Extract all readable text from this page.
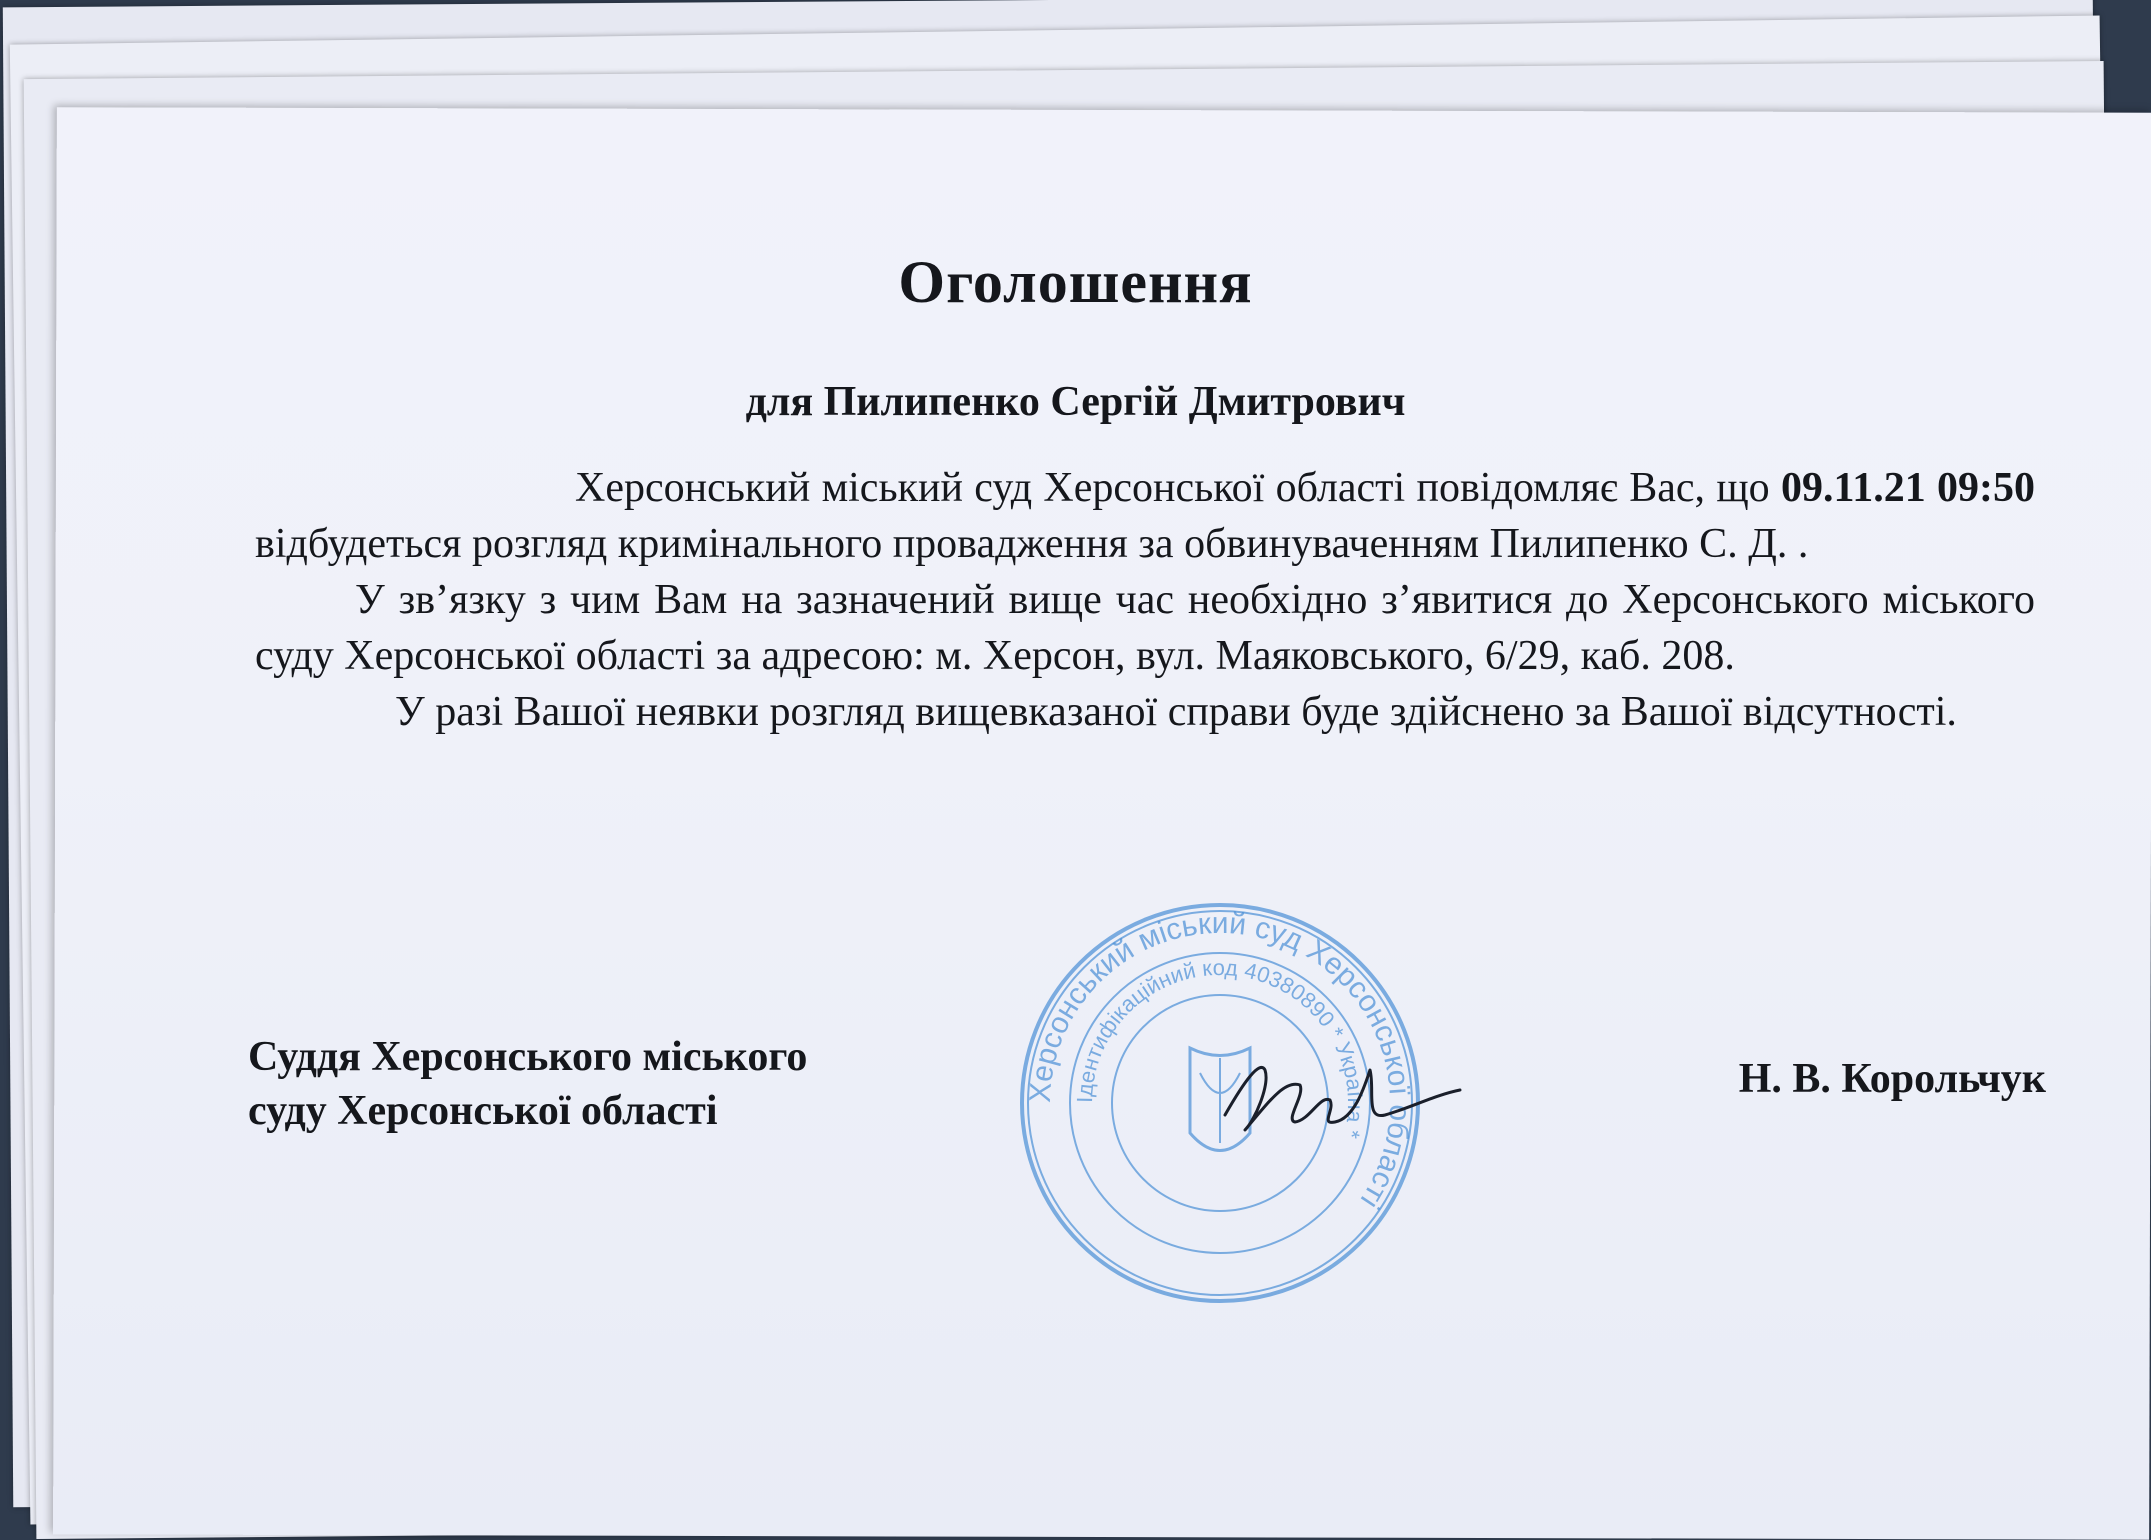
Оголошення
для Пилипенко Сергій Дмитрович

Херсонський міський суд Херсонської області повідомляє Вас, що 09.11.21 09:50 відбудеться розгляд кримінального провадження за обвинуваченням Пилипенко С. Д. .

У зв’язку з чим Вам на зазначений вище час необхідно з’явитися до Херсонського міського суду Херсонської області за адресою: м. Херсон, вул. Маяковського, 6/29, каб. 208.

У разі Вашої неявки розгляд вищевказаної справи буде здійснено за Вашої відсутності.

Суддя Херсонського міського
суду Херсонської області
Н. В. Корольчук
Херсонський міський суд Херсонської області
Ідентифікаційний код 40380890 * Україна *
